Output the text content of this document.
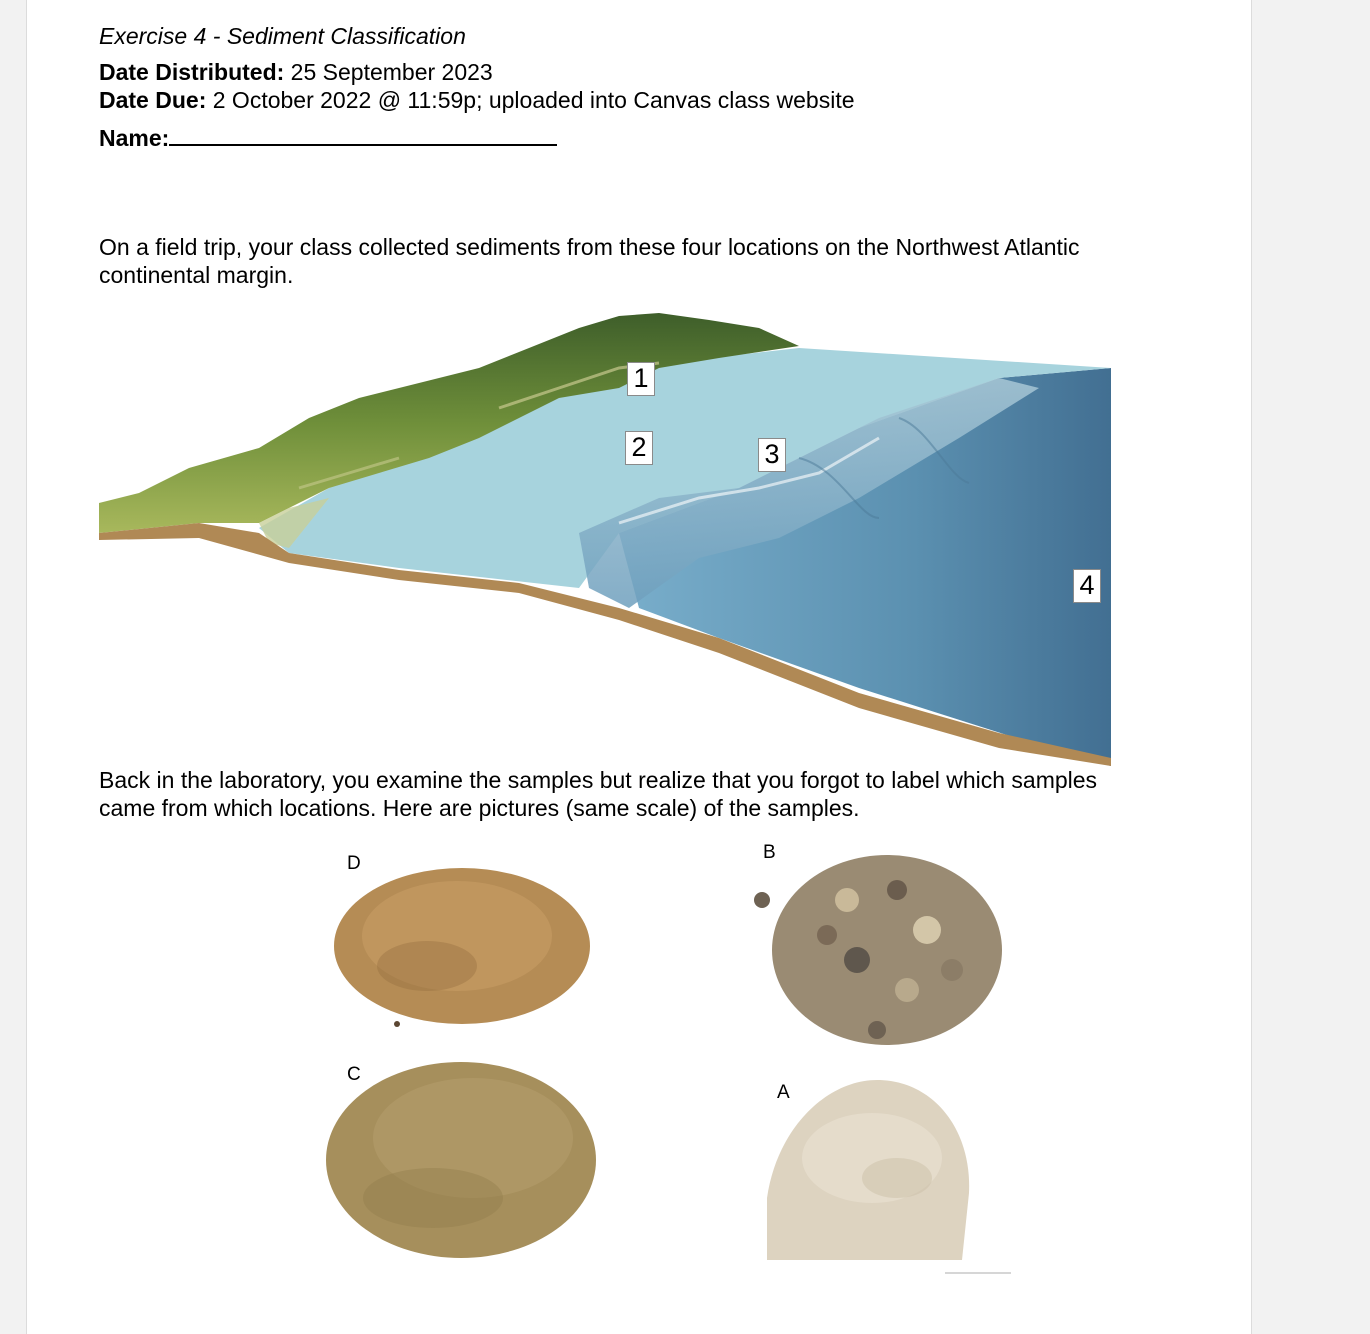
Exercise 4 - Sediment Classification
Date Distributed: 25 September 2023
Date Due: 2 October 2022 @ 11:59p; uploaded into Canvas class website
Name:
On a field trip, your class collected sediments from these four locations on the Northwest Atlantic continental margin.
1
2	3
4
Back in the laboratory, you examine the samples but realize that you forgot to label which samples came from which locations. Here are pictures (same scale) of the samples.
D
B
C
A
